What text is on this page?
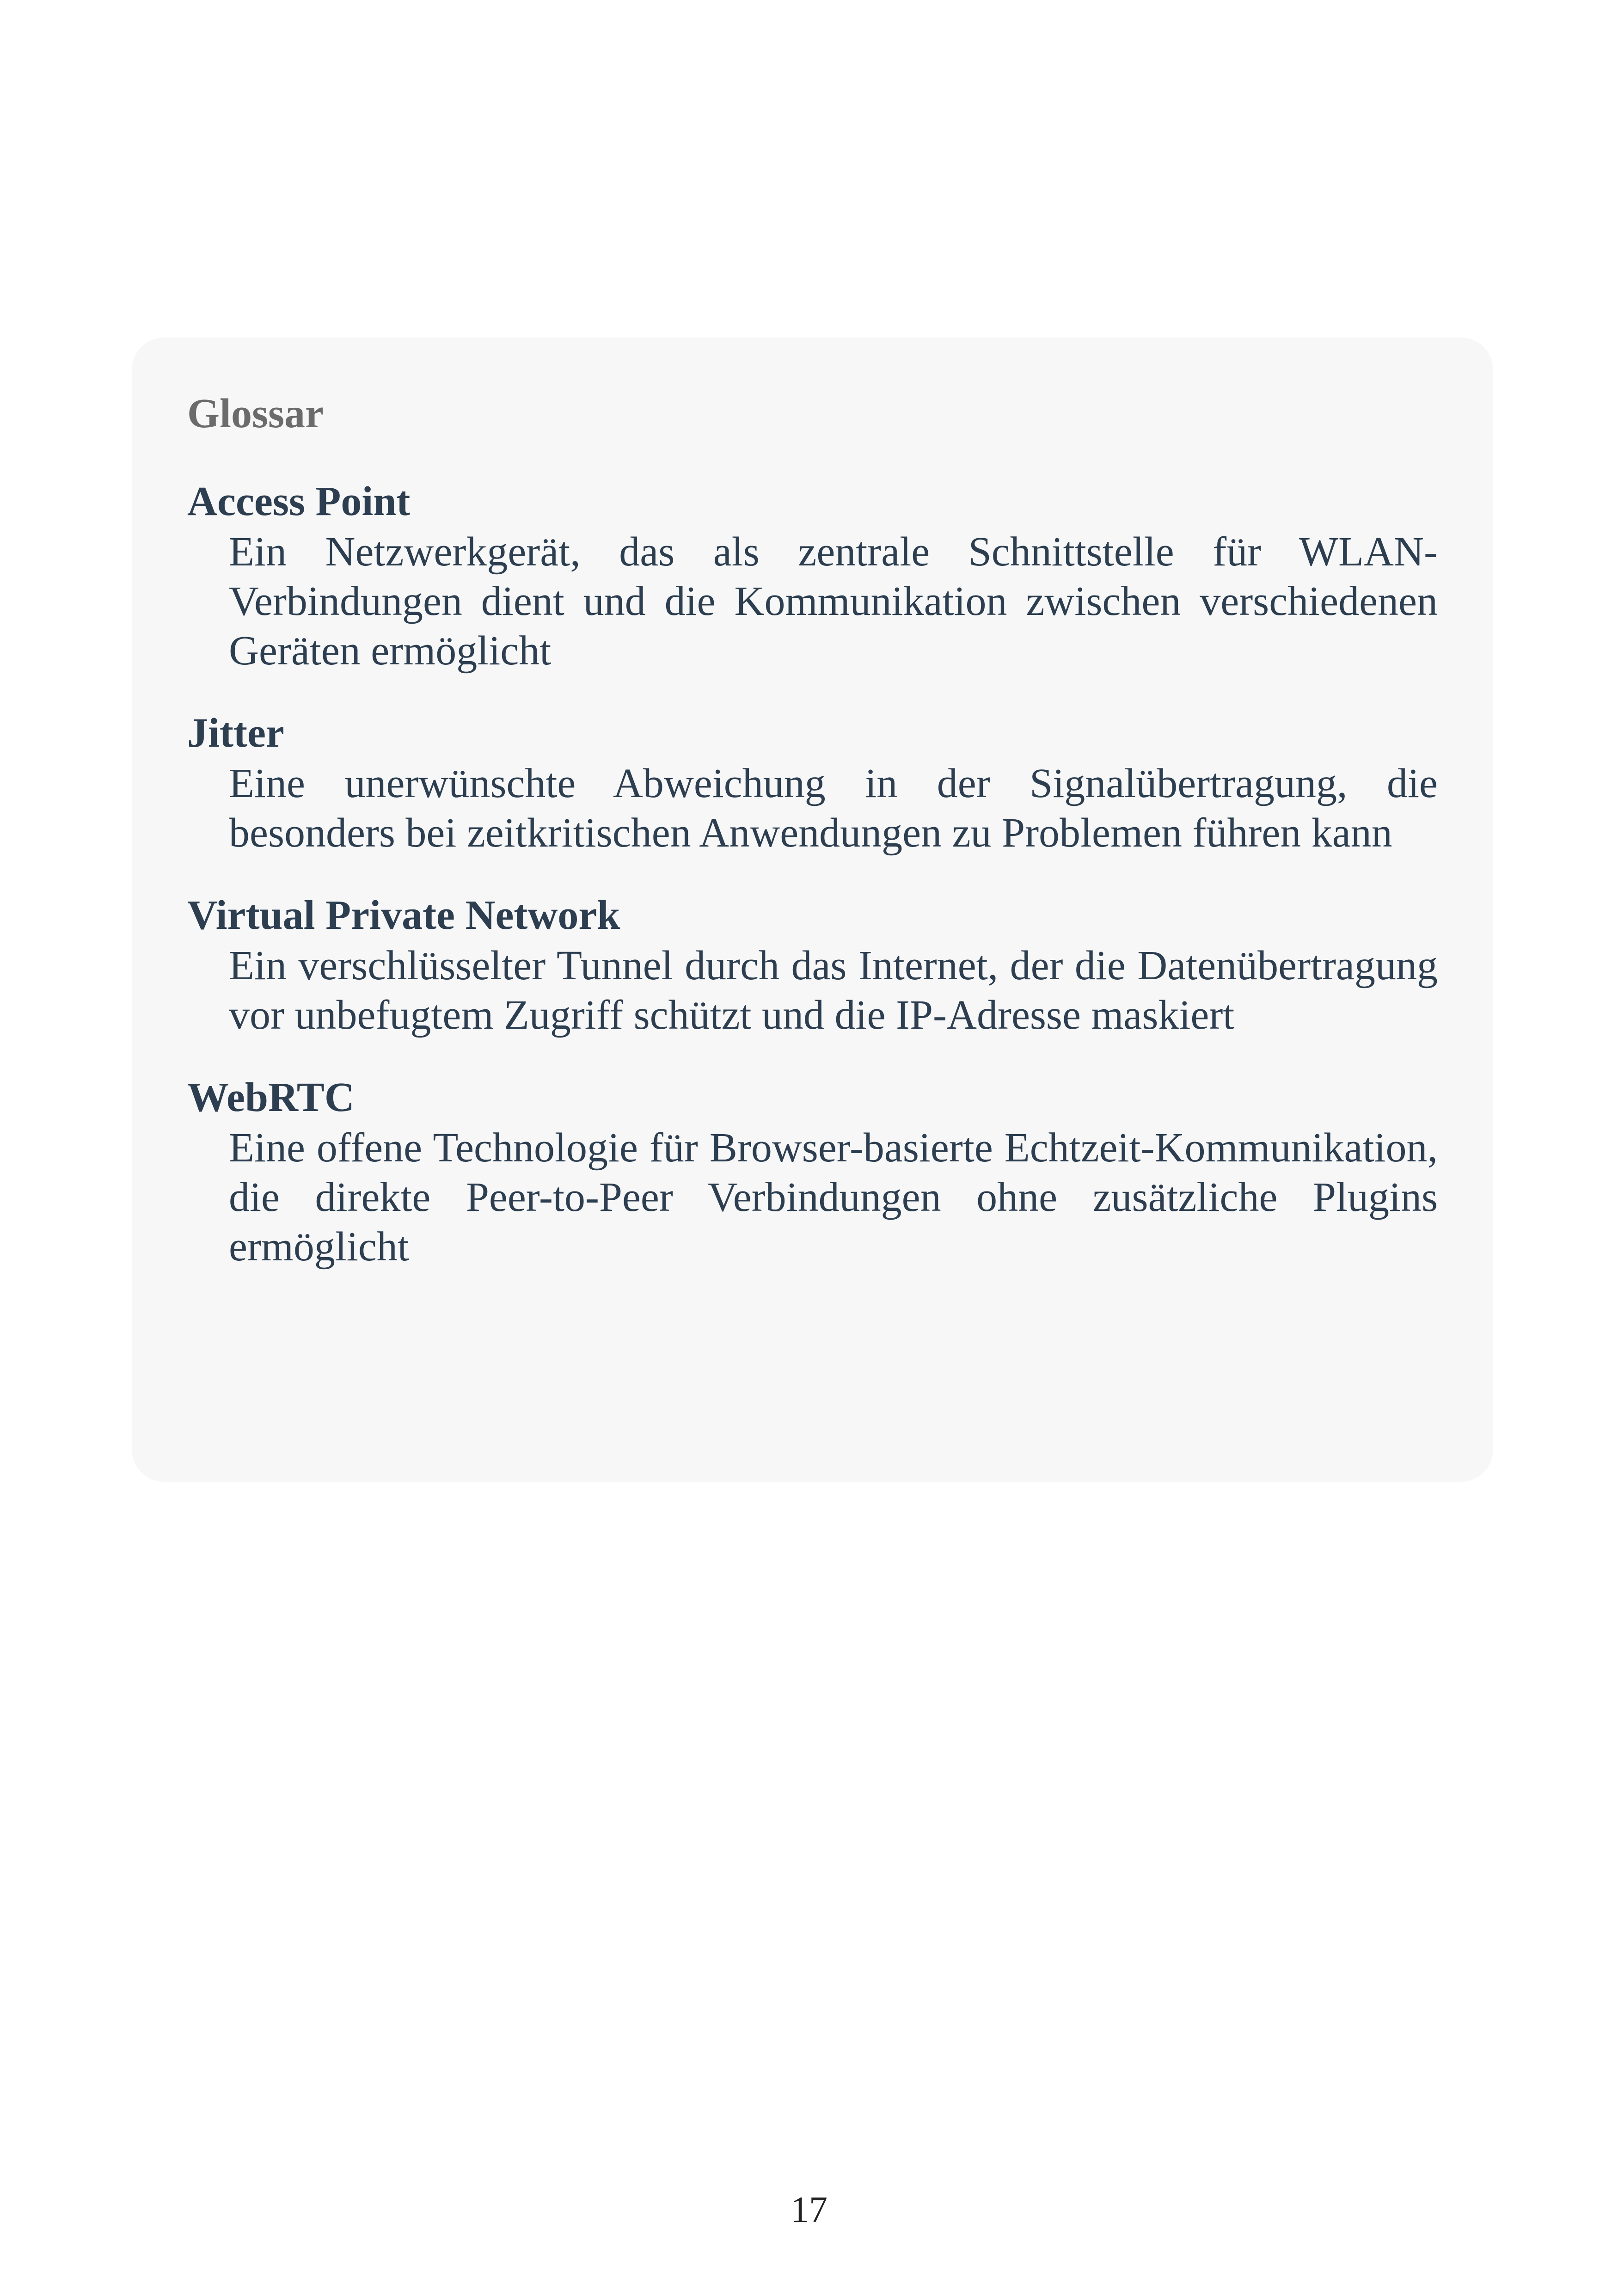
Glossar
Access Point
Ein Netzwerkgerät, das als zentrale Schnittstelle für WLAN-Verbindungen dient und die Kommunikation zwischen verschiedenen Geräten ermöglicht
Jitter
Eine unerwünschte Abweichung in der Signalübertragung, die besonders bei zeitkritischen Anwendungen zu Problemen führen kann
Virtual Private Network
Ein verschlüsselter Tunnel durch das Internet, der die Datenübertragung vor unbefugtem Zugriff schützt und die IP-Adresse maskiert
WebRTC
Eine offene Technologie für Browser-basierte Echtzeit-Kommunikation, die direkte Peer-to-Peer Verbindungen ohne zusätzliche Plugins ermöglicht
17
